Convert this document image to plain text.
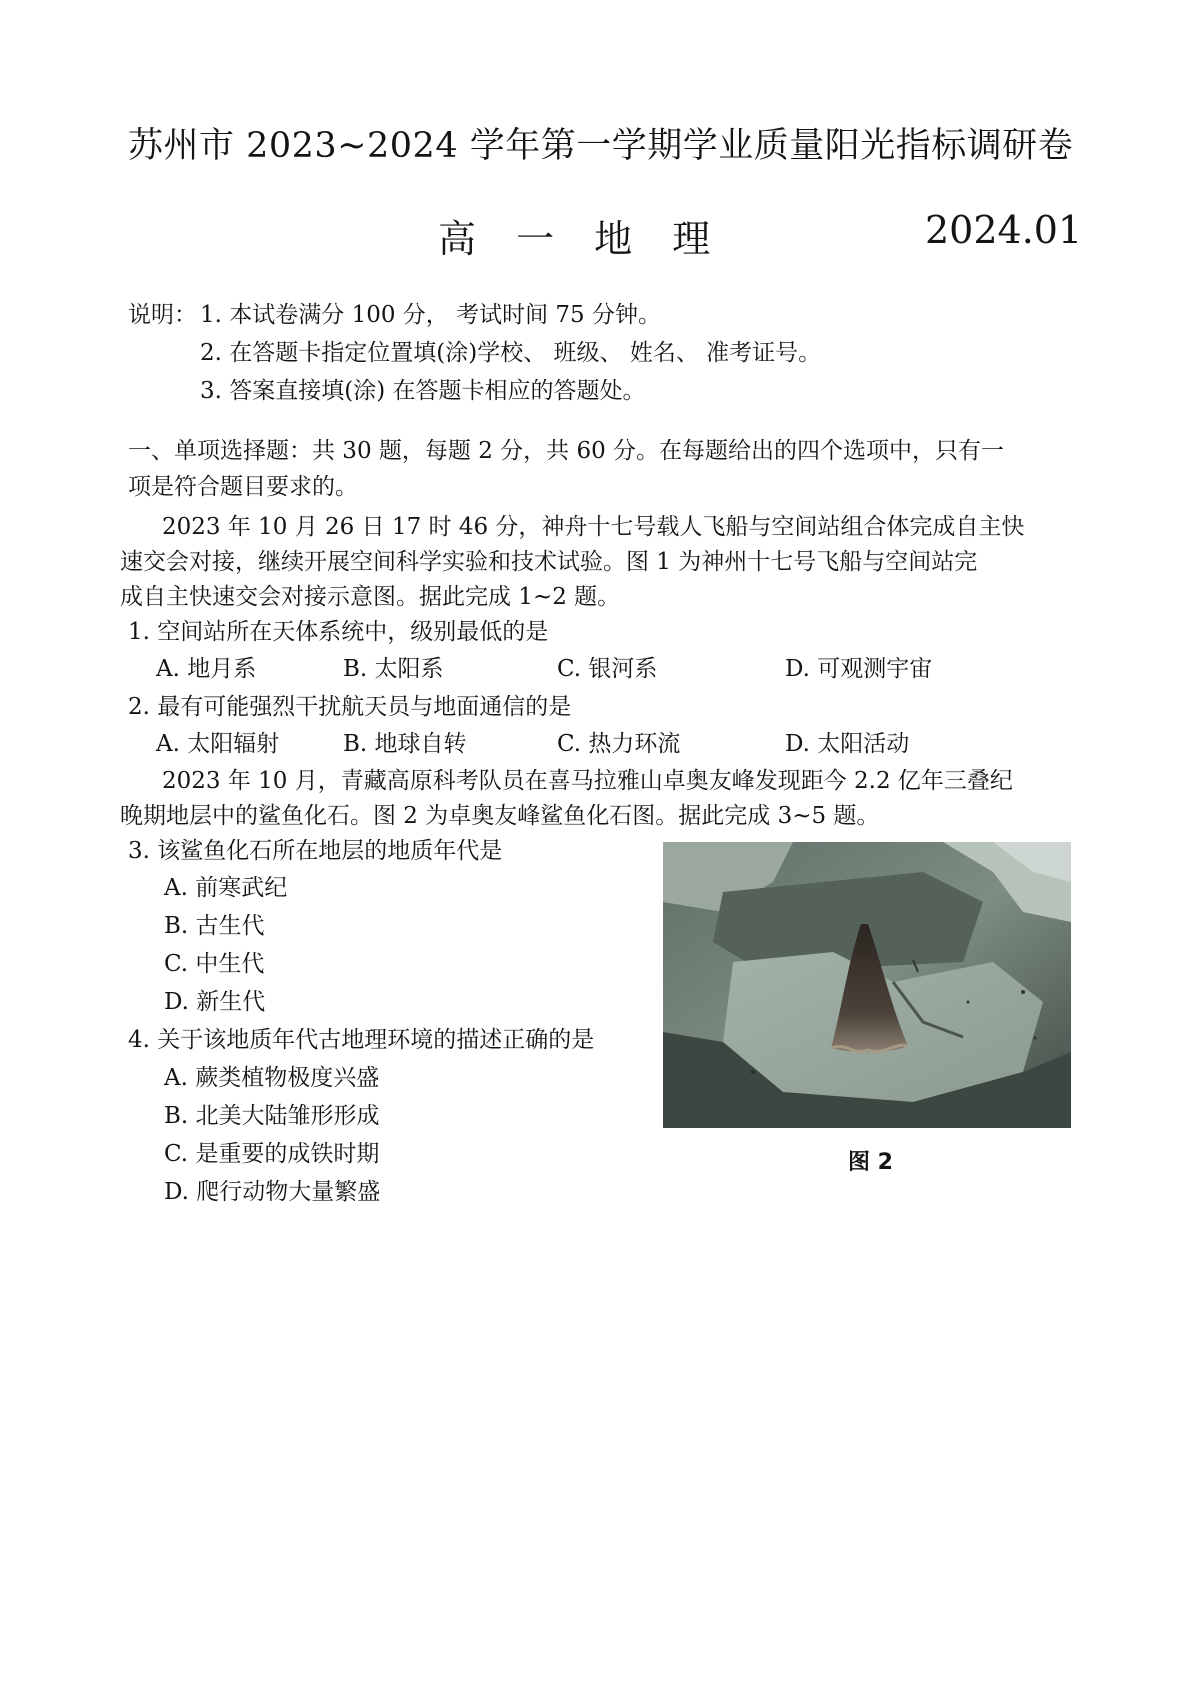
苏州市 2023~2024 学年第一学期学业质量阳光指标调研卷
高 一 地 理	2024.01
说明： 1. 本试卷满分 100 分， 考试时间 75 分钟。
2. 在答题卡指定位置填(涂)学校、 班级、 姓名、 准考证号。
3. 答案直接填(涂) 在答题卡相应的答题处。
一、单项选择题：共 30 题，每题 2 分，共 60 分。在每题给出的四个选项中，只有一
项是符合题目要求的。
2023 年 10 月 26 日 17 时 46 分，神舟十七号载人飞船与空间站组合体完成自主快
速交会对接，继续开展空间科学实验和技术试验。图 1 为神州十七号飞船与空间站完
成自主快速交会对接示意图。据此完成 1~2 题。
1. 空间站所在天体系统中，级别最低的是
A. 地月系	B. 太阳系	C. 银河系	D. 可观测宇宙
2. 最有可能强烈干扰航天员与地面通信的是
A. 太阳辐射	B. 地球自转	C. 热力环流	D. 太阳活动
2023 年 10 月，青藏高原科考队员在喜马拉雅山卓奥友峰发现距今 2.2 亿年三叠纪
晚期地层中的鲨鱼化石。图 2 为卓奥友峰鲨鱼化石图。据此完成 3~5 题。
3. 该鲨鱼化石所在地层的地质年代是
A. 前寒武纪
B. 古生代
C. 中生代
D. 新生代
4. 关于该地质年代古地理环境的描述正确的是
A. 蕨类植物极度兴盛
B. 北美大陆雏形形成
C. 是重要的成铁时期
D. 爬行动物大量繁盛
图 2
